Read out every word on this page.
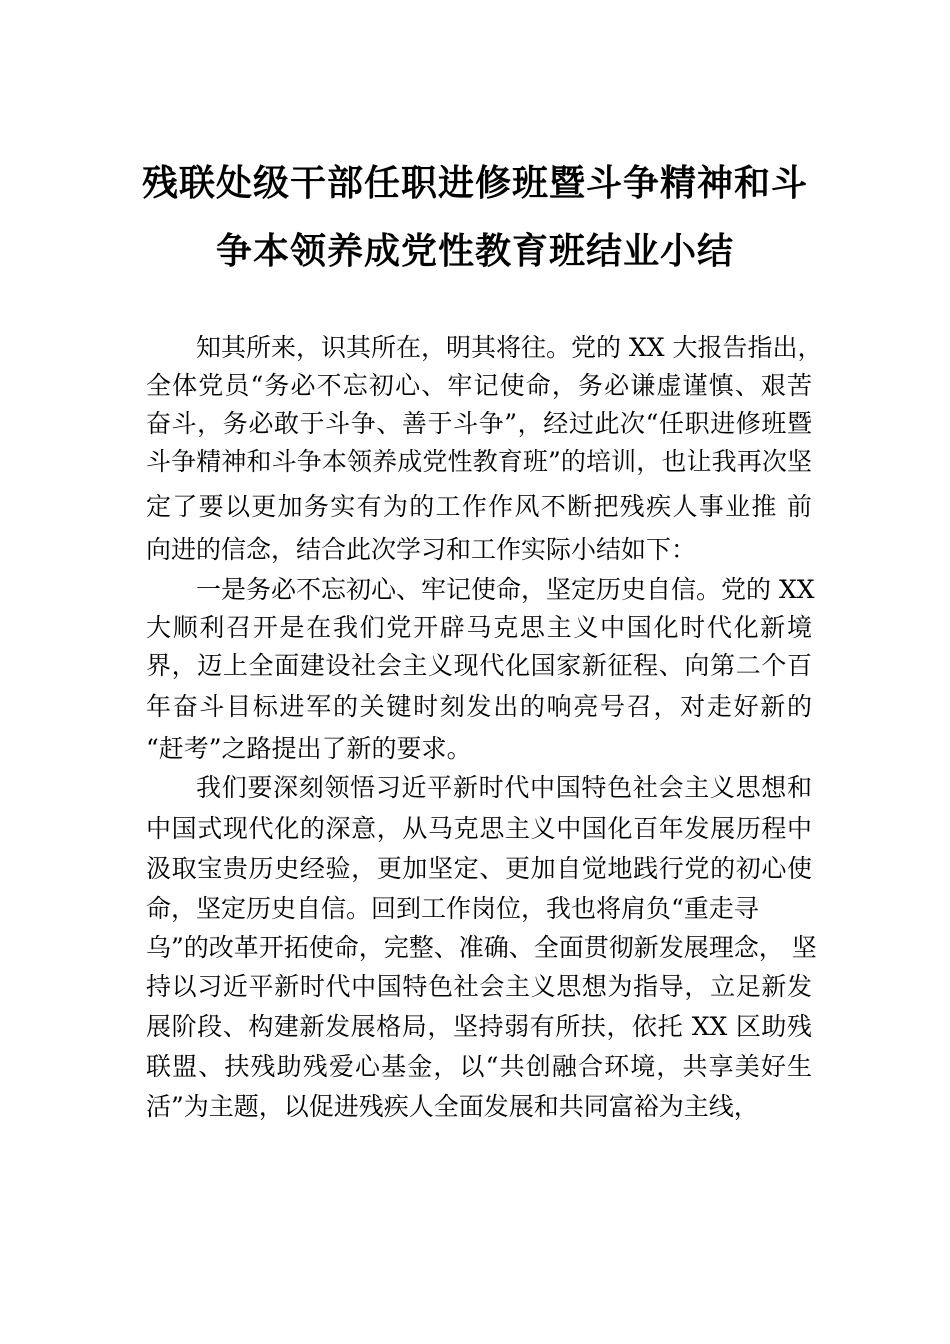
残联处级干部任职进修班暨斗争精神和斗
争本领养成党性教育班结业小结
知其所来，识其所在，明其将往。党的 XX 大报告指出，
全体党员“务必不忘初心、牢记使命，务必谦虚谨慎、艰苦
奋斗，务必敢于斗争、善于斗争”，经过此次“任职进修班暨
斗争精神和斗争本领养成党性教育班”的培训，也让我再次坚
定了要以更加务实有为的工作作风不断把残疾人事业推 前
向进的信念，结合此次学习和工作实际小结如下：
一是务必不忘初心、牢记使命，坚定历史自信。党的 XX
大顺利召开是在我们党开辟马克思主义中国化时代化新境
界，迈上全面建设社会主义现代化国家新征程、向第二个百
年奋斗目标进军的关键时刻发出的响亮号召，对走好新的
“赶考”之路提出了新的要求。
我们要深刻领悟习近平新时代中国特色社会主义思想和
中国式现代化的深意，从马克思主义中国化百年发展历程中
汲取宝贵历史经验，更加坚定、更加自觉地践行党的初心使
命，坚定历史自信。回到工作岗位，我也将肩负“重走寻
乌”的改革开拓使命，完整、准确、全面贯彻新发展理念， 坚
持以习近平新时代中国特色社会主义思想为指导，立足新发
展阶段、构建新发展格局，坚持弱有所扶，依托 XX 区助残
联盟、扶残助残爱心基金，以“共创融合环境，共享美好生
活”为主题，以促进残疾人全面发展和共同富裕为主线，
